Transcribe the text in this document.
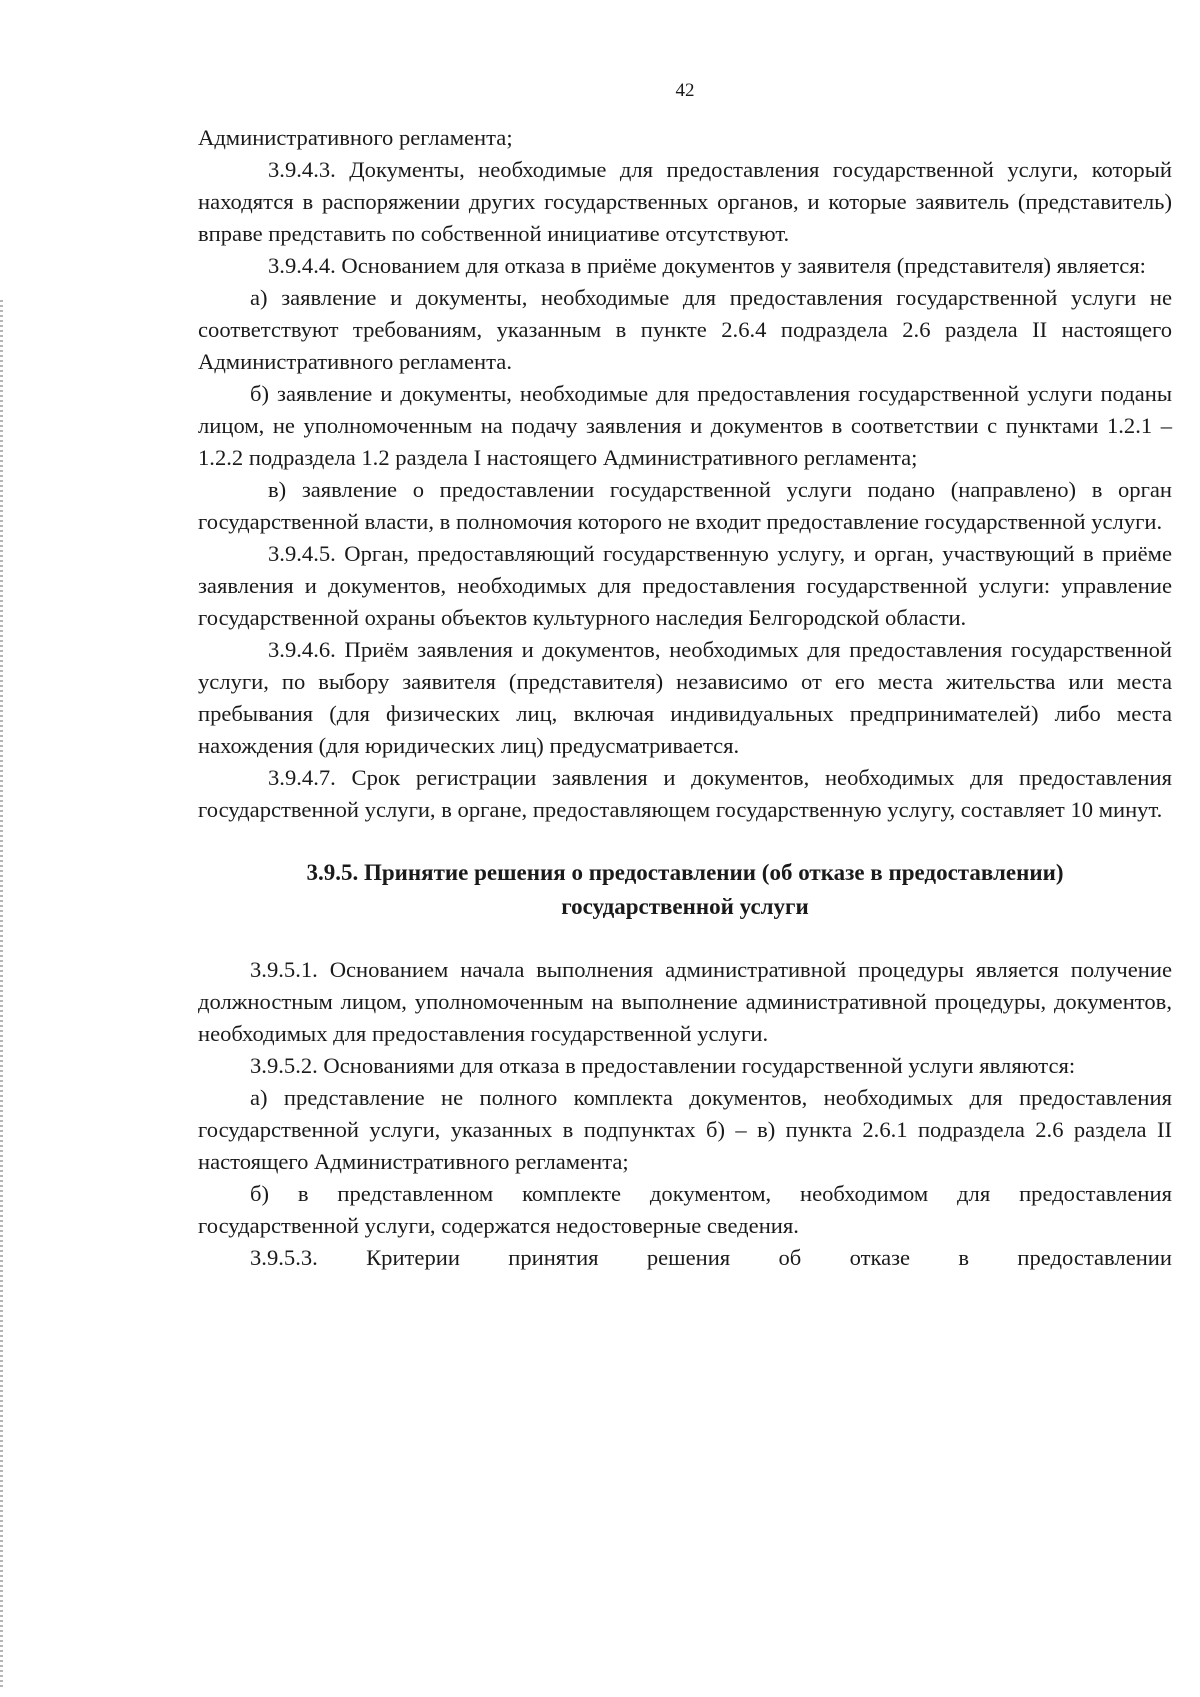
42

Административного регламента;

3.9.4.3. Документы, необходимые для предоставления государственной услуги, который находятся в распоряжении других государственных органов, и которые заявитель (представитель) вправе представить по собственной инициативе отсутствуют.

3.9.4.4. Основанием для отказа в приёме документов у заявителя (представителя) является:

а) заявление и документы, необходимые для предоставления государственной услуги не соответствуют требованиям, указанным в пункте 2.6.4 подраздела 2.6 раздела II настоящего Административного регламента.

б) заявление и документы, необходимые для предоставления государственной услуги поданы лицом, не уполномоченным на подачу заявления и документов в соответствии с пунктами 1.2.1 – 1.2.2 подраздела 1.2 раздела I настоящего Административного регламента;

в) заявление о предоставлении государственной услуги подано (направлено) в орган государственной власти, в полномочия которого не входит предоставление государственной услуги.

3.9.4.5. Орган, предоставляющий государственную услугу, и орган, участвующий в приёме заявления и документов, необходимых для предоставления государственной услуги: управление государственной охраны объектов культурного наследия Белгородской области.

3.9.4.6. Приём заявления и документов, необходимых для предоставления государственной услуги, по выбору заявителя (представителя) независимо от его места жительства или места пребывания (для физических лиц, включая индивидуальных предпринимателей) либо места нахождения (для юридических лиц) предусматривается.

3.9.4.7. Срок регистрации заявления и документов, необходимых для предоставления государственной услуги, в органе, предоставляющем государственную услугу, составляет 10 минут.

3.9.5. Принятие решения о предоставлении (об отказе в предоставлении) государственной услуги

3.9.5.1. Основанием начала выполнения административной процедуры является получение должностным лицом, уполномоченным на выполнение административной процедуры, документов, необходимых для предоставления государственной услуги.

3.9.5.2. Основаниями для отказа в предоставлении государственной услуги являются:

а) представление не полного комплекта документов, необходимых для предоставления государственной услуги, указанных в подпунктах б) – в) пункта 2.6.1 подраздела 2.6 раздела II настоящего Административного регламента;

б) в представленном комплекте документом, необходимом для предоставления государственной услуги, содержатся недостоверные сведения.

3.9.5.3. Критерии принятия решения об отказе в предоставлении
